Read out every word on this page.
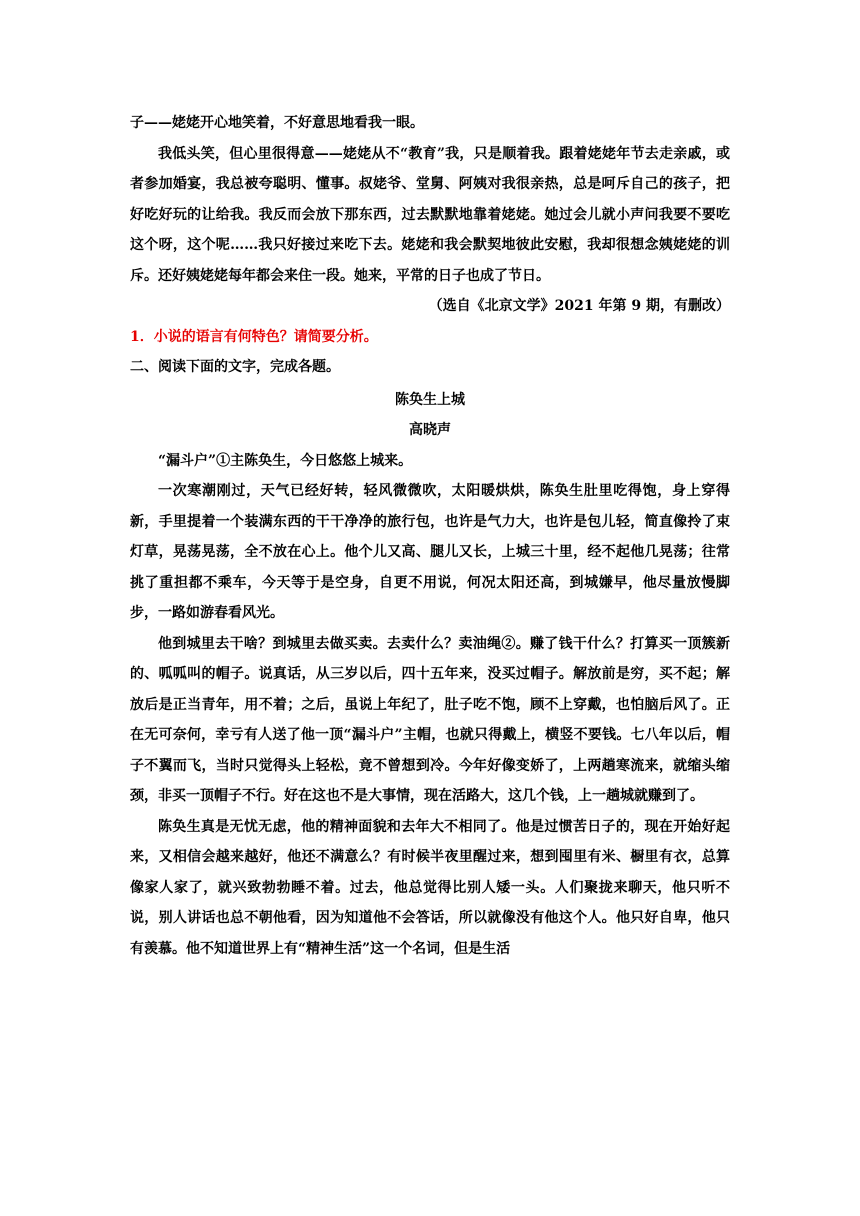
子——姥姥开心地笑着，不好意思地看我一眼。

我低头笑，但心里很得意——姥姥从不“教育”我，只是顺着我。跟着姥姥年节去走亲戚，或者参加婚宴，我总被夸聪明、懂事。叔姥爷、堂舅、阿姨对我很亲热，总是呵斥自己的孩子，把好吃好玩的让给我。我反而会放下那东西，过去默默地靠着姥姥。她过会儿就小声问我要不要吃这个呀，这个呢……我只好接过来吃下去。姥姥和我会默契地彼此安慰，我却很想念姨姥姥的训斥。还好姨姥姥每年都会来住一段。她来，平常的日子也成了节日。

（选自《北京文学》2021 年第 9 期，有删改）

1．小说的语言有何特色？请简要分析。

二、阅读下面的文字，完成各题。

陈奂生上城

高晓声

“漏斗户”①主陈奂生，今日悠悠上城来。

一次寒潮刚过，天气已经好转，轻风微微吹，太阳暖烘烘，陈奂生肚里吃得饱，身上穿得新，手里提着一个装满东西的干干净净的旅行包，也许是气力大，也许是包儿轻，简直像拎了束灯草，晃荡晃荡，全不放在心上。他个儿又高、腿儿又长，上城三十里，经不起他几晃荡；往常挑了重担都不乘车，今天等于是空身，自更不用说，何况太阳还高，到城嫌早，他尽量放慢脚步，一路如游春看风光。

他到城里去干啥？到城里去做买卖。去卖什么？卖油绳②。赚了钱干什么？打算买一顶簇新的、呱呱叫的帽子。说真话，从三岁以后，四十五年来，没买过帽子。解放前是穷，买不起；解放后是正当青年，用不着；之后，虽说上年纪了，肚子吃不饱，顾不上穿戴，也怕脑后风了。正在无可奈何，幸亏有人送了他一顶“漏斗户”主帽，也就只得戴上，横竖不要钱。七八年以后，帽子不翼而飞，当时只觉得头上轻松，竟不曾想到冷。今年好像变娇了，上两趟寒流来，就缩头缩颈，非买一顶帽子不行。好在这也不是大事情，现在活路大，这几个钱，上一趟城就赚到了。

陈奂生真是无忧无虑，他的精神面貌和去年大不相同了。他是过惯苦日子的，现在开始好起来，又相信会越来越好，他还不满意么？有时候半夜里醒过来，想到囤里有米、橱里有衣，总算像家人家了，就兴致勃勃睡不着。过去，他总觉得比别人矮一头。人们聚拢来聊天，他只听不说，别人讲话也总不朝他看，因为知道他不会答话，所以就像没有他这个人。他只好自卑，他只有羡慕。他不知道世界上有“精神生活”这一个名词，但是生活
